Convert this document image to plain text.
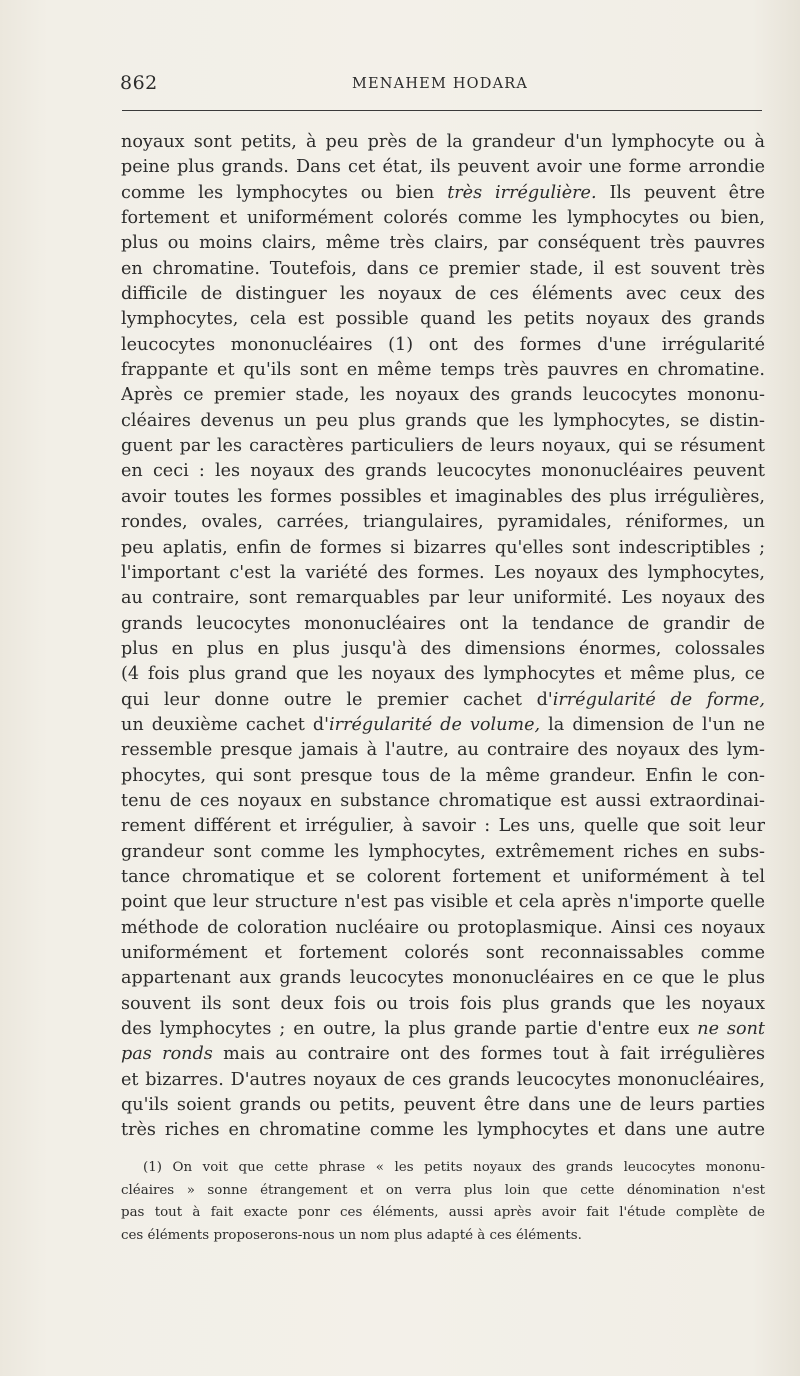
862	MENAHEM HODARA
noyaux sont petits, à peu près de la grandeur d'un lymphocyte ou à
peine plus grands. Dans cet état, ils peuvent avoir une forme arrondie
comme les lymphocytes ou bien très irrégulière. Ils peuvent être
fortement et uniformément colorés comme les lymphocytes ou bien,
plus ou moins clairs, même très clairs, par conséquent très pauvres
en chromatine. Toutefois, dans ce premier stade, il est souvent très
difficile de distinguer les noyaux de ces éléments avec ceux des
lymphocytes, cela est possible quand les petits noyaux des grands
leucocytes mononucléaires (1) ont des formes d'une irrégularité
frappante et qu'ils sont en même temps très pauvres en chromatine.
Après ce premier stade, les noyaux des grands leucocytes mononu-
cléaires devenus un peu plus grands que les lymphocytes, se distin-
guent par les caractères particuliers de leurs noyaux, qui se résument
en ceci : les noyaux des grands leucocytes mononucléaires peuvent
avoir toutes les formes possibles et imaginables des plus irrégulières,
rondes, ovales, carrées, triangulaires, pyramidales, réniformes, un
peu aplatis, enfin de formes si bizarres qu'elles sont indescriptibles ;
l'important c'est la variété des formes. Les noyaux des lymphocytes,
au contraire, sont remarquables par leur uniformité. Les noyaux des
grands leucocytes mononucléaires ont la tendance de grandir de
plus en plus en plus jusqu'à des dimensions énormes, colossales
(4 fois plus grand que les noyaux des lymphocytes et même plus, ce
qui leur donne outre le premier cachet d'irrégularité de forme,
un deuxième cachet d'irrégularité de volume, la dimension de l'un ne
ressemble presque jamais à l'autre, au contraire des noyaux des lym-
phocytes, qui sont presque tous de la même grandeur. Enfin le con-
tenu de ces noyaux en substance chromatique est aussi extraordinai-
rement différent et irrégulier, à savoir : Les uns, quelle que soit leur
grandeur sont comme les lymphocytes, extrêmement riches en subs-
tance chromatique et se colorent fortement et uniformément à tel
point que leur structure n'est pas visible et cela après n'importe quelle
méthode de coloration nucléaire ou protoplasmique. Ainsi ces noyaux
uniformément et fortement colorés sont reconnaissables comme
appartenant aux grands leucocytes mononucléaires en ce que le plus
souvent ils sont deux fois ou trois fois plus grands que les noyaux
des lymphocytes ; en outre, la plus grande partie d'entre eux ne sont
pas ronds mais au contraire ont des formes tout à fait irrégulières
et bizarres. D'autres noyaux de ces grands leucocytes mononucléaires,
qu'ils soient grands ou petits, peuvent être dans une de leurs parties
très riches en chromatine comme les lymphocytes et dans une autre
(1) On voit que cette phrase « les petits noyaux des grands leucocytes mononu-
cléaires » sonne étrangement et on verra plus loin que cette dénomination n'est
pas tout à fait exacte ponr ces éléments, aussi après avoir fait l'étude complète de
ces éléments proposerons-nous un nom plus adapté à ces éléments.
